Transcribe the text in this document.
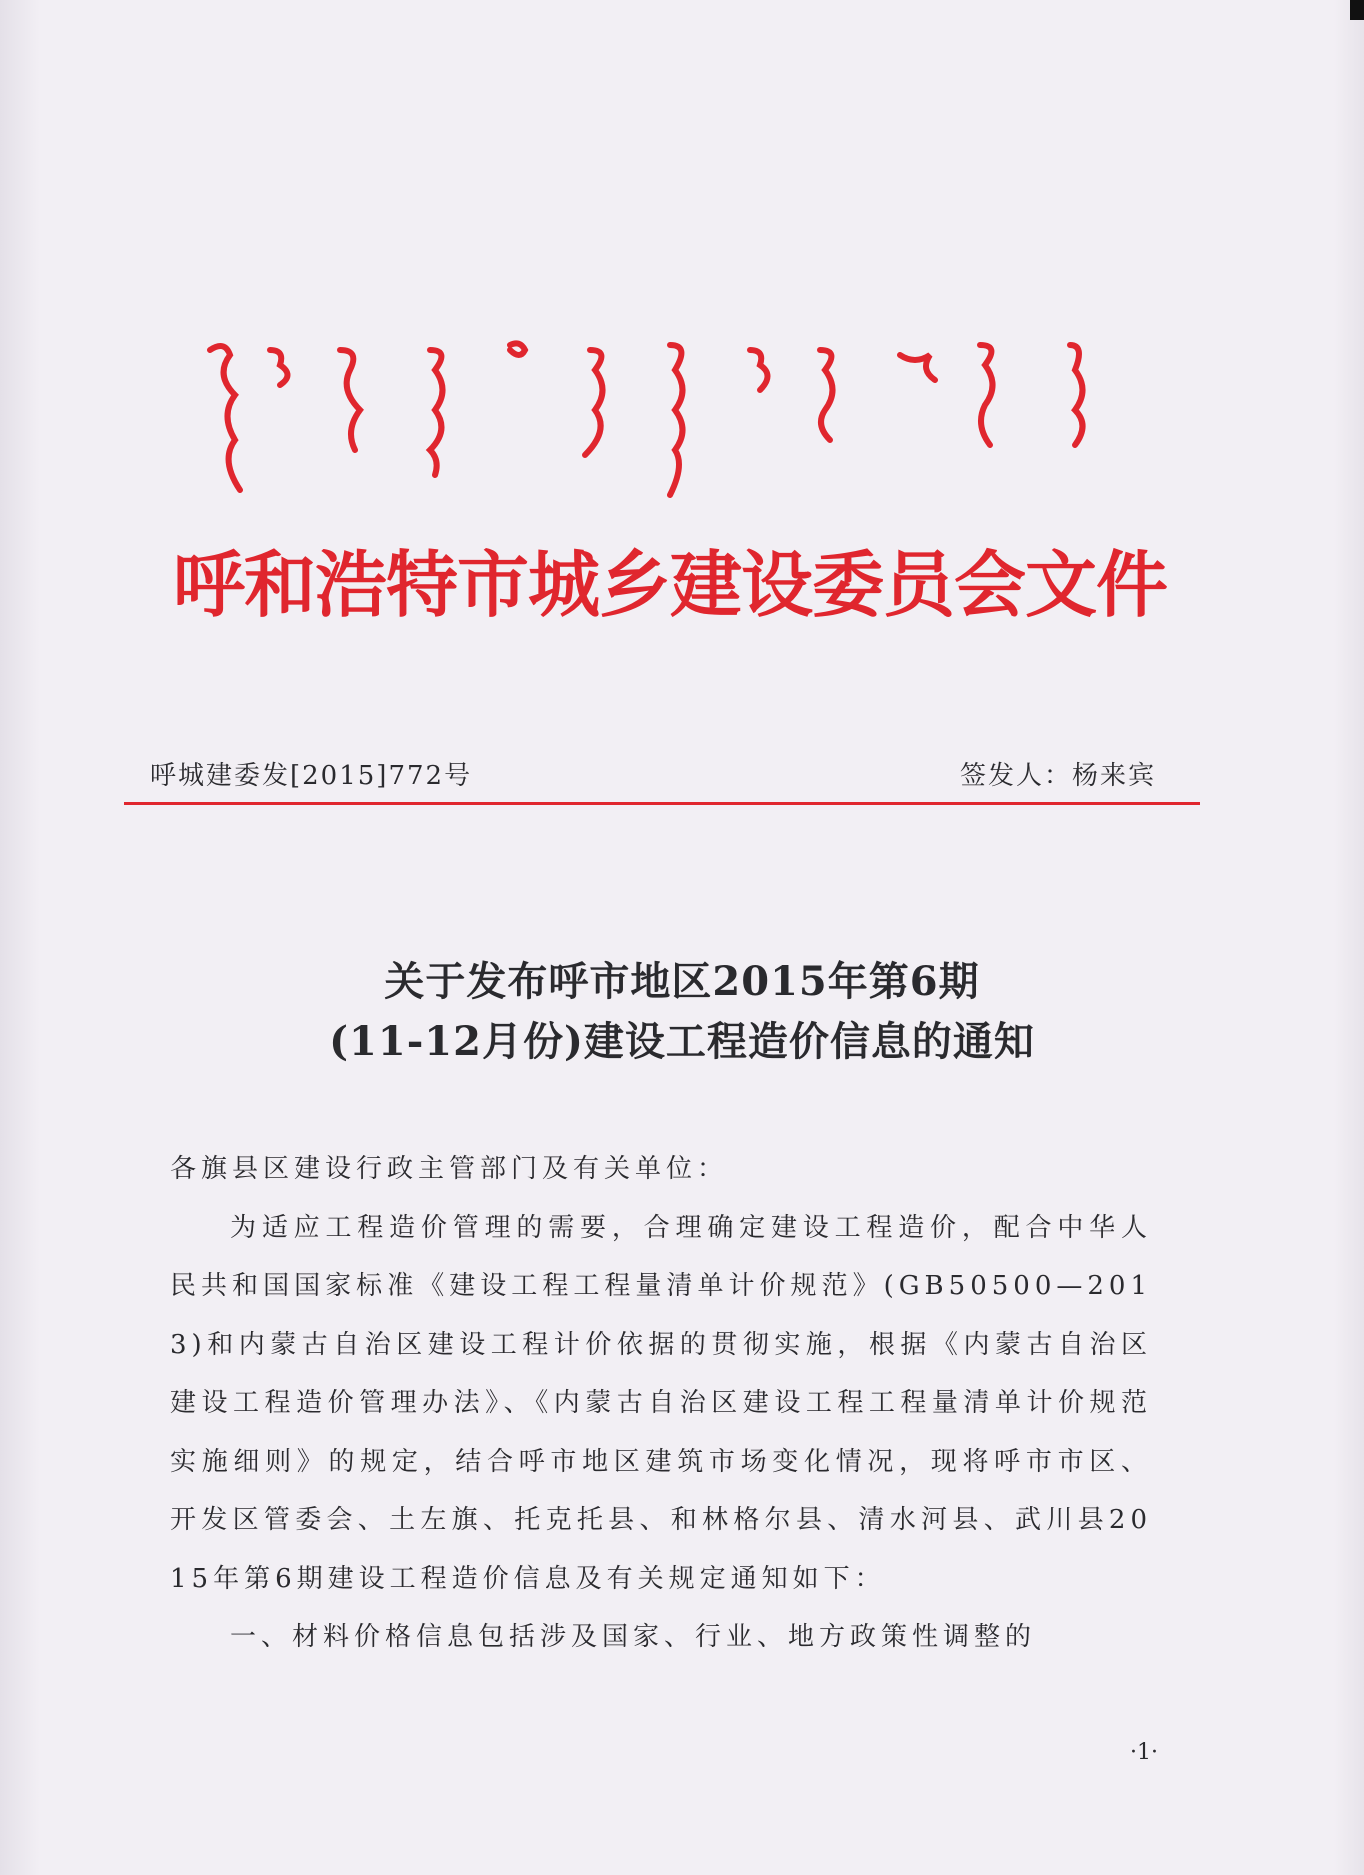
呼和浩特市城乡建设委员会文件
呼城建委发[2015]772号	签发人：杨来宾
关于发布呼市地区2015年第6期
(11-12月份)建设工程造价信息的通知

各旗县区建设行政主管部门及有关单位：

为适应工程造价管理的需要，合理确定建设工程造价，配合中华人民共和国国家标准《建设工程工程量清单计价规范》(GB50500—2013)和内蒙古自治区建设工程计价依据的贯彻实施，根据《内蒙古自治区建设工程造价管理办法》、《内蒙古自治区建设工程工程量清单计价规范实施细则》的规定，结合呼市地区建筑市场变化情况，现将呼市市区、开发区管委会、土左旗、托克托县、和林格尔县、清水河县、武川县2015年第6期建设工程造价信息及有关规定通知如下：

一、材料价格信息包括涉及国家、行业、地方政策性调整的

·1·
